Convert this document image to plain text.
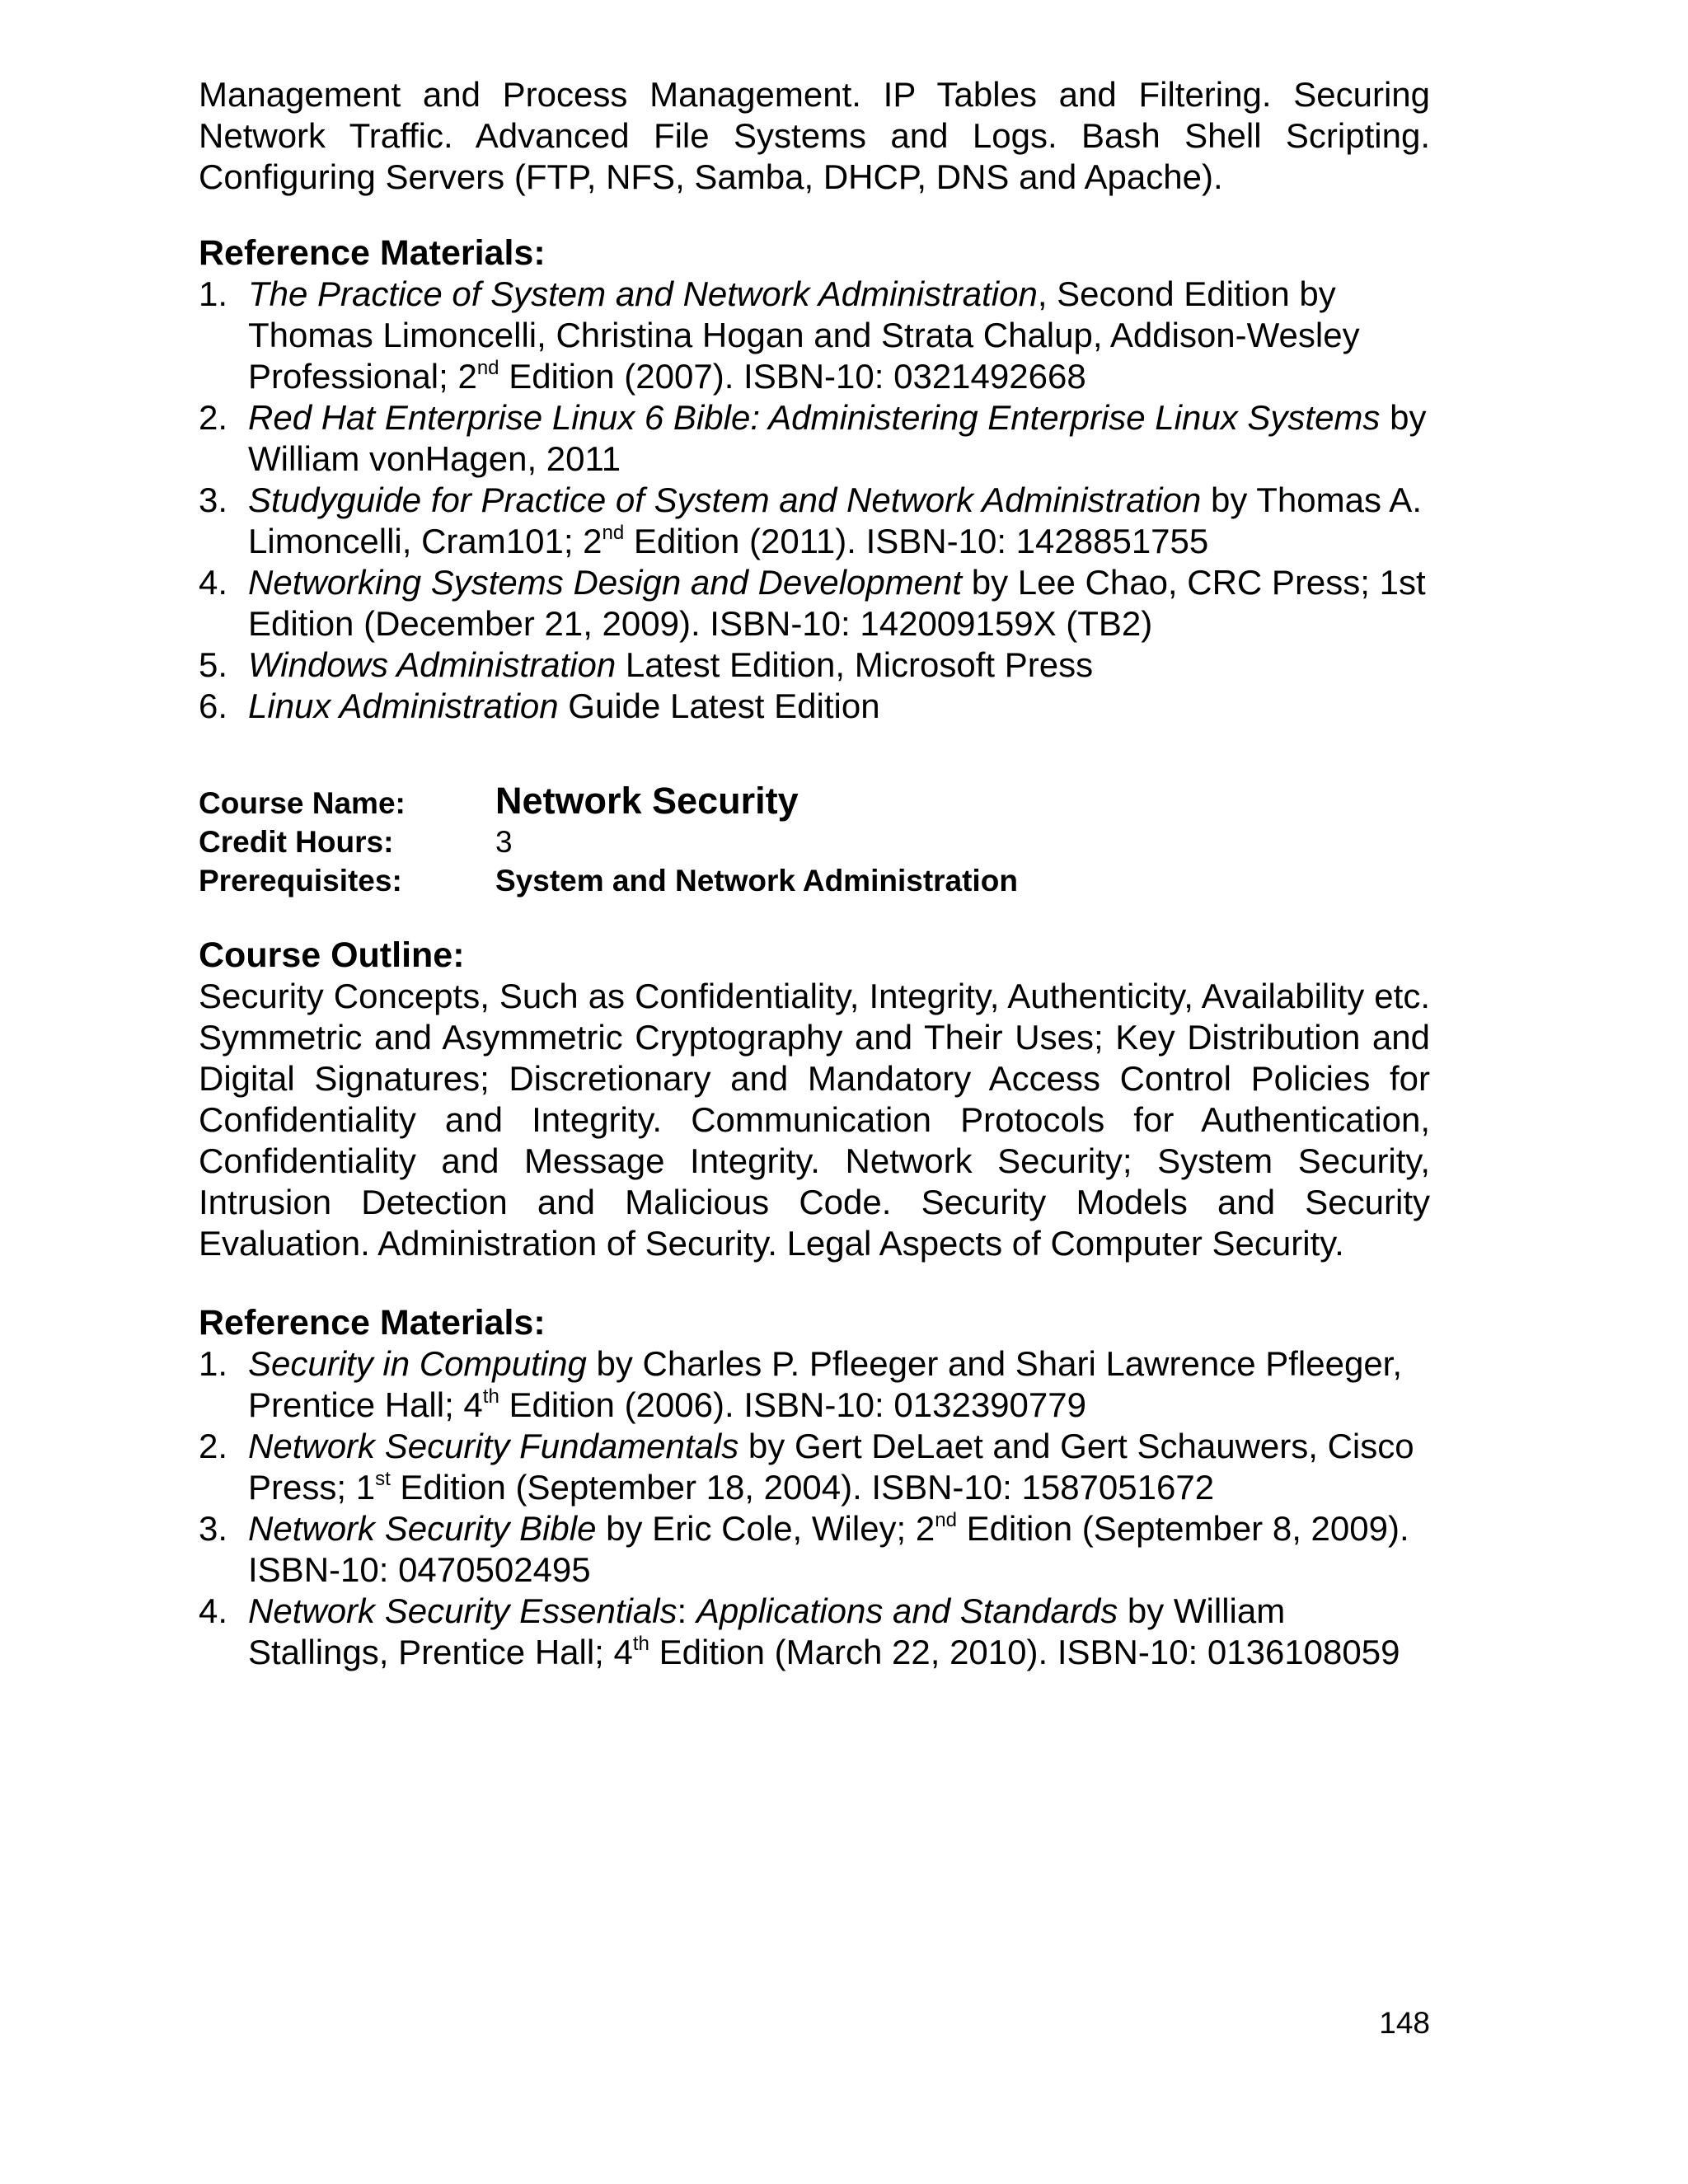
Management and Process Management. IP Tables and Filtering. Securing Network Traffic. Advanced File Systems and Logs. Bash Shell Scripting. Configuring Servers (FTP, NFS, Samba, DHCP, DNS and Apache).

Reference Materials:
1. The Practice of System and Network Administration, Second Edition by Thomas Limoncelli, Christina Hogan and Strata Chalup, Addison-Wesley Professional; 2nd Edition (2007). ISBN-10: 0321492668
2. Red Hat Enterprise Linux 6 Bible: Administering Enterprise Linux Systems by William vonHagen, 2011
3. Studyguide for Practice of System and Network Administration by Thomas A. Limoncelli, Cram101; 2nd Edition (2011). ISBN-10: 1428851755
4. Networking Systems Design and Development by Lee Chao, CRC Press; 1st Edition (December 21, 2009). ISBN-10: 142009159X (TB2)
5. Windows Administration Latest Edition, Microsoft Press
6. Linux Administration Guide Latest Edition
Course Name:	Network Security
Credit Hours:	3
Prerequisites:	System and Network Administration
Course Outline:

Security Concepts, Such as Confidentiality, Integrity, Authenticity, Availability etc. Symmetric and Asymmetric Cryptography and Their Uses; Key Distribution and Digital Signatures; Discretionary and Mandatory Access Control Policies for Confidentiality and Integrity. Communication Protocols for Authentication, Confidentiality and Message Integrity. Network Security; System Security, Intrusion Detection and Malicious Code. Security Models and Security Evaluation. Administration of Security. Legal Aspects of Computer Security.

Reference Materials:
1. Security in Computing by Charles P. Pfleeger and Shari Lawrence Pfleeger, Prentice Hall; 4th Edition (2006). ISBN-10: 0132390779
2. Network Security Fundamentals by Gert DeLaet and Gert Schauwers, Cisco Press; 1st Edition (September 18, 2004). ISBN-10: 1587051672
3. Network Security Bible by Eric Cole, Wiley; 2nd Edition (September 8, 2009). ISBN-10: 0470502495
4. Network Security Essentials: Applications and Standards by William Stallings, Prentice Hall; 4th Edition (March 22, 2010). ISBN-10: 0136108059
148
